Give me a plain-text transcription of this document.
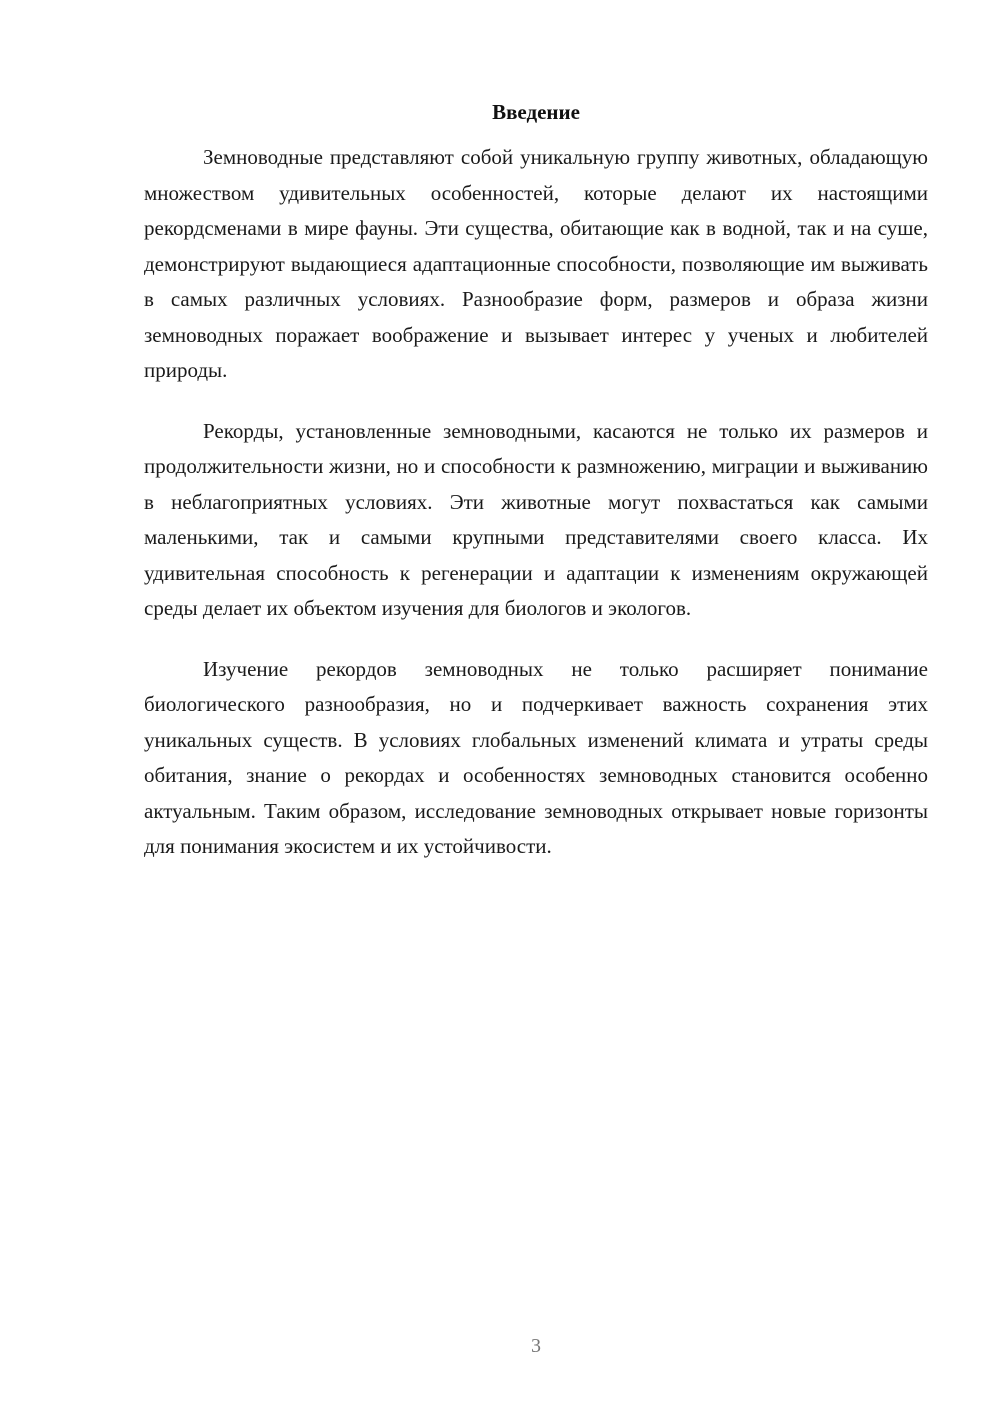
Введение

Земноводные представляют собой уникальную группу животных, обладающую множеством удивительных особенностей, которые делают их настоящими рекордсменами в мире фауны. Эти существа, обитающие как в водной, так и на суше, демонстрируют выдающиеся адаптационные способности, позволяющие им выживать в самых различных условиях. Разнообразие форм, размеров и образа жизни земноводных поражает воображение и вызывает интерес у ученых и любителей природы.

Рекорды, установленные земноводными, касаются не только их размеров и продолжительности жизни, но и способности к размножению, миграции и выживанию в неблагоприятных условиях. Эти животные могут похвастаться как самыми маленькими, так и самыми крупными представителями своего класса. Их удивительная способность к регенерации и адаптации к изменениям окружающей среды делает их объектом изучения для биологов и экологов.

Изучение рекордов земноводных не только расширяет понимание биологического разнообразия, но и подчеркивает важность сохранения этих уникальных существ. В условиях глобальных изменений климата и утраты среды обитания, знание о рекордах и особенностях земноводных становится особенно актуальным. Таким образом, исследование земноводных открывает новые горизонты для понимания экосистем и их устойчивости.

3
